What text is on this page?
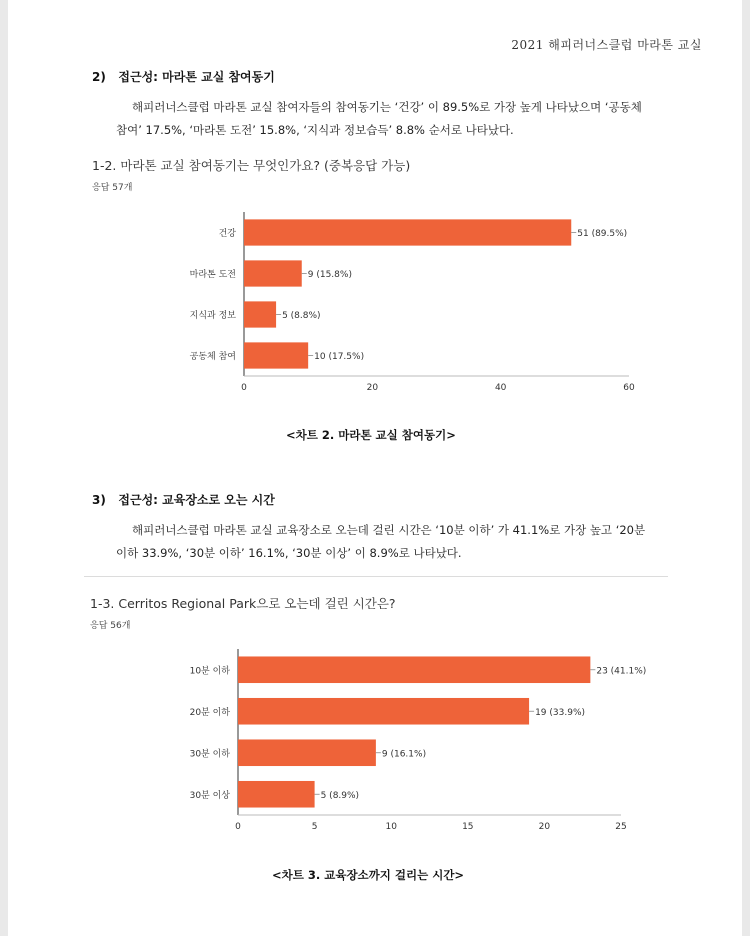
2021 해피러너스클럽 마라톤 교실
2) 접근성: 마라톤 교실 참여동기
해피러너스클럽 마라톤 교실 참여자들의 참여동기는 ‘건강’ 이 89.5%로 가장 높게 나타났으며 ‘공동체
참여’ 17.5%, ‘마라톤 도전’ 15.8%, ‘지식과 정보습득’ 8.8% 순서로 나타났다.
1-2. 마라톤 교실 참여동기는 무엇인가요? (중복응답 가능)
응답 57개
건강	51 (89.5%)
마라톤 도전	9 (15.8%)
지식과 정보	5 (8.8%)
공동체 참여	10 (17.5%)
0	20	40	60
<차트 2. 마라톤 교실 참여동기>
3) 접근성: 교육장소로 오는 시간
해피러너스클럽 마라톤 교실 교육장소로 오는데 걸린 시간은 ‘10분 이하’ 가 41.1%로 가장 높고 ‘20분
이하 33.9%, ‘30분 이하’ 16.1%, ‘30분 이상’ 이 8.9%로 나타났다.
1-3. Cerritos Regional Park으로 오는데 걸린 시간은?
응답 56개
10분 이하	23 (41.1%)
20분 이하	19 (33.9%)
30분 이하	9 (16.1%)
30분 이상	5 (8.9%)
0	5	10	15	20	25
<차트 3. 교육장소까지 걸리는 시간>
